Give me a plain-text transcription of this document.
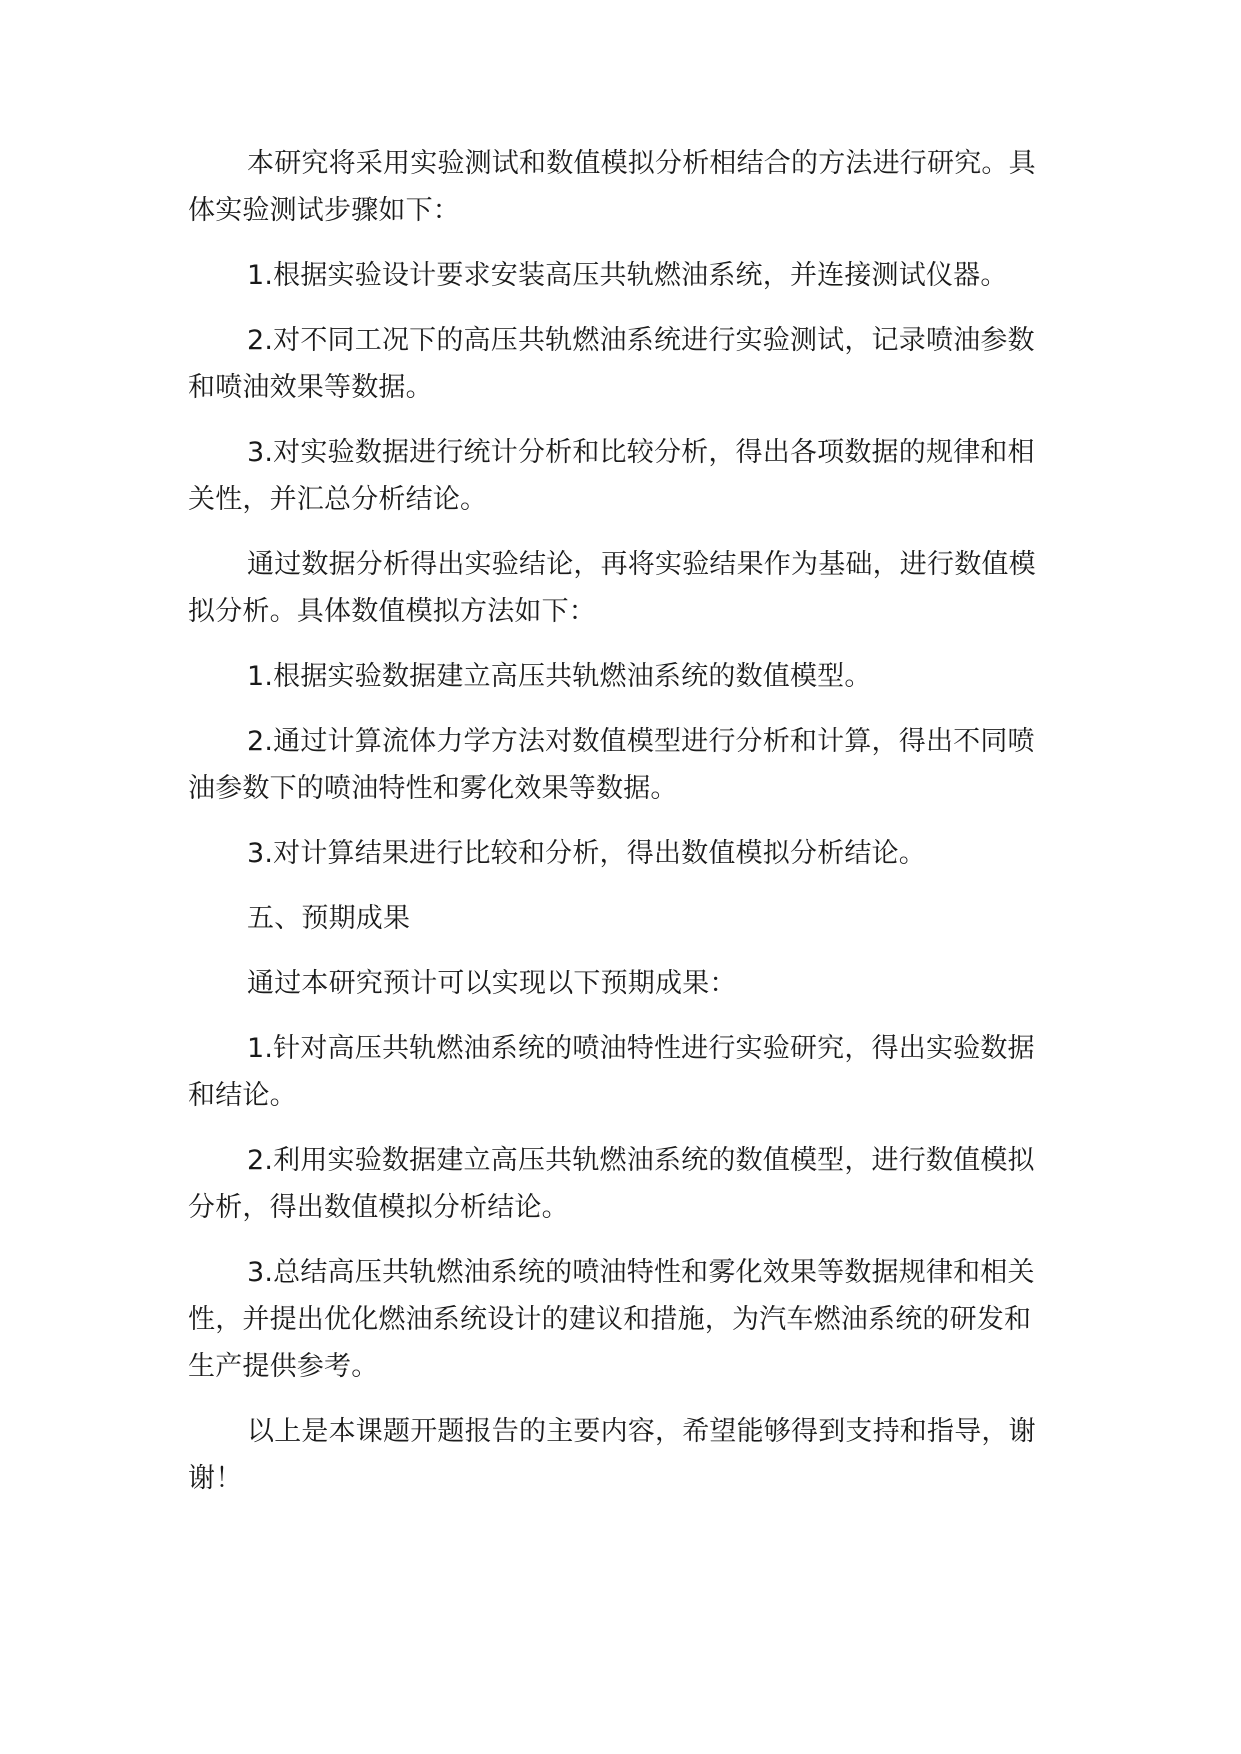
本研究将采用实验测试和数值模拟分析相结合的方法进行研究。具体实验测试步骤如下：

1.根据实验设计要求安装高压共轨燃油系统，并连接测试仪器。

2.对不同工况下的高压共轨燃油系统进行实验测试，记录喷油参数和喷油效果等数据。

3.对实验数据进行统计分析和比较分析，得出各项数据的规律和相关性，并汇总分析结论。

通过数据分析得出实验结论，再将实验结果作为基础，进行数值模拟分析。具体数值模拟方法如下：

1.根据实验数据建立高压共轨燃油系统的数值模型。

2.通过计算流体力学方法对数值模型进行分析和计算，得出不同喷油参数下的喷油特性和雾化效果等数据。

3.对计算结果进行比较和分析，得出数值模拟分析结论。

五、预期成果

通过本研究预计可以实现以下预期成果：

1.针对高压共轨燃油系统的喷油特性进行实验研究，得出实验数据和结论。

2.利用实验数据建立高压共轨燃油系统的数值模型，进行数值模拟分析，得出数值模拟分析结论。

3.总结高压共轨燃油系统的喷油特性和雾化效果等数据规律和相关性，并提出优化燃油系统设计的建议和措施，为汽车燃油系统的研发和生产提供参考。

以上是本课题开题报告的主要内容，希望能够得到支持和指导，谢谢！
